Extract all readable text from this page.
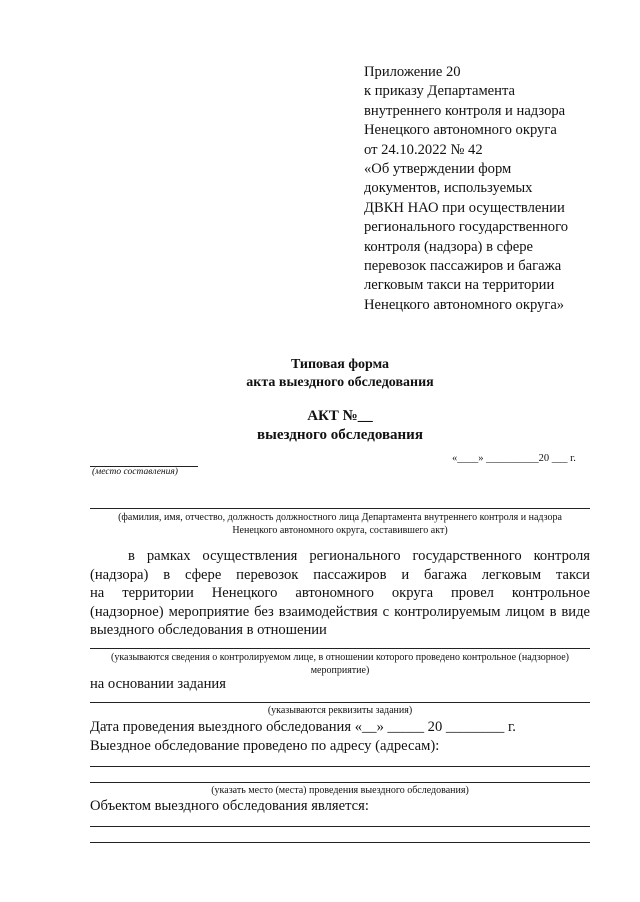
Приложение 20
к приказу Департамента
внутреннего контроля и надзора
Ненецкого автономного округа
от 24.10.2022 № 42
«Об утверждении форм
документов, используемых
ДВКН НАО при осуществлении
регионального государственного
контроля (надзора) в сфере
перевозок пассажиров и багажа
легковым такси на территории
Ненецкого автономного округа»
Типовая форма
акта выездного обследования
АКТ №__
выездного обследования
(место составления)
«____» __________20 ___ г.
(фамилия, имя, отчество, должность должностного лица Департамента внутреннего контроля и надзора
Ненецкого автономного округа, составившего акт)
в рамках осуществления регионального государственного контроля
(надзора) в сфере перевозок пассажиров и багажа легковым такси
на территории Ненецкого автономного округа провел контрольное
(надзорное) мероприятие без взаимодействия с контролируемым лицом в виде
выездного обследования в отношении
(указываются сведения о контролируемом лице, в отношении которого проведено контрольное (надзорное)
мероприятие)
на основании задания
(указываются реквизиты задания)
Дата проведения выездного обследования «__» _____ 20 ________ г.
Выездное обследование проведено по адресу (адресам):
(указать место (места) проведения выездного обследования)
Объектом выездного обследования является:
